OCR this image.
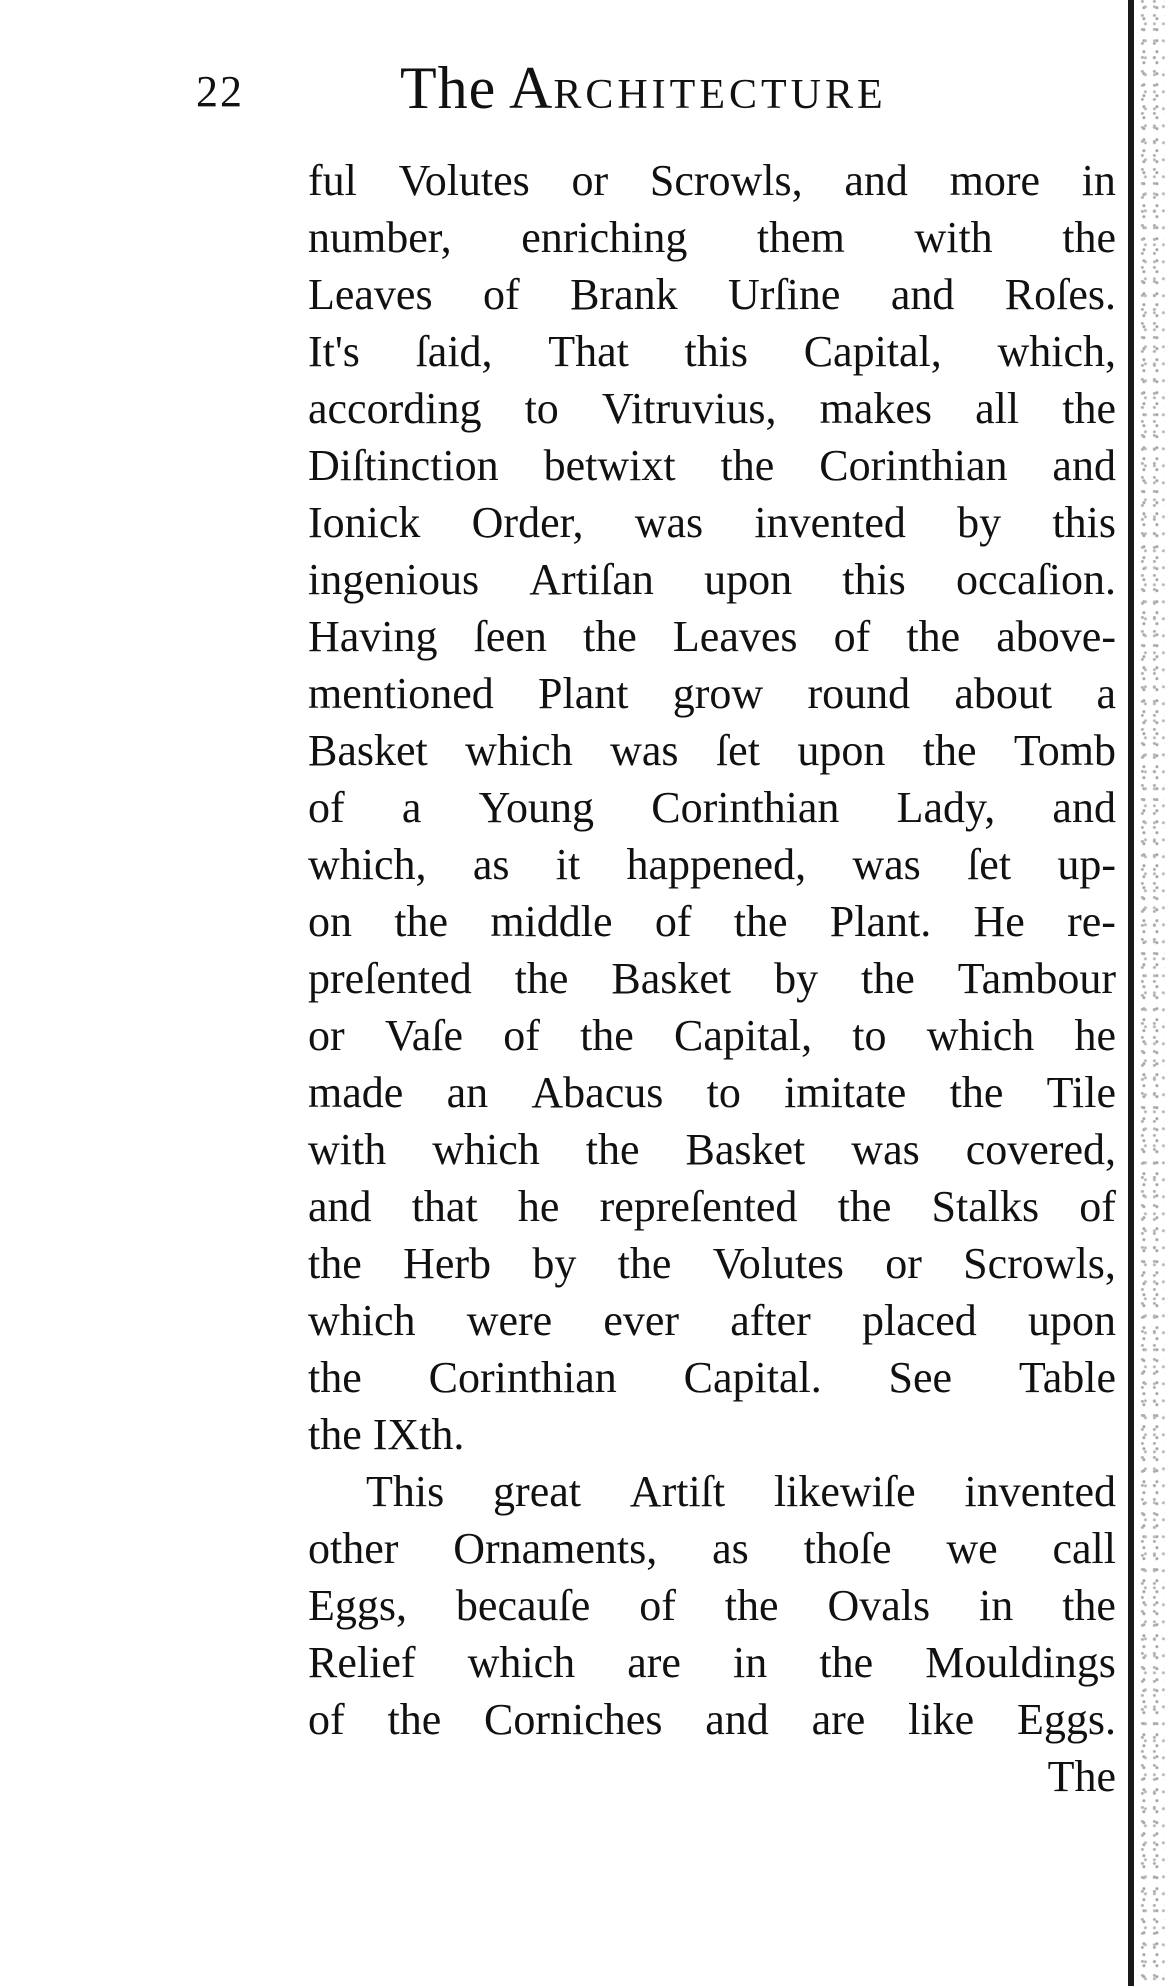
22	The ARCHITECTURE
ful Volutes or Scrowls, and more in
number, enriching them with the
Leaves of Brank Urſine and Roſes.
It's ſaid, That this Capital, which,
according to Vitruvius, makes all the
Diſtinction betwixt the Corinthian and
Ionick Order, was invented by this
ingenious Artiſan upon this occaſion.
Having ſeen the Leaves of the above-
mentioned Plant grow round about a
Basket which was ſet upon the Tomb
of a Young Corinthian Lady, and
which, as it happened, was ſet up-
on the middle of the Plant. He re-
preſented the Basket by the Tambour
or Vaſe of the Capital, to which he
made an Abacus to imitate the Tile
with which the Basket was covered,
and that he repreſented the Stalks of
the Herb by the Volutes or Scrowls,
which were ever after placed upon
the Corinthian Capital. See Table
the IXth.
This great Artiſt likewiſe invented
other Ornaments, as thoſe we call
Eggs, becauſe of the Ovals in the
Relief which are in the Mouldings
of the Corniches and are like Eggs.
The
